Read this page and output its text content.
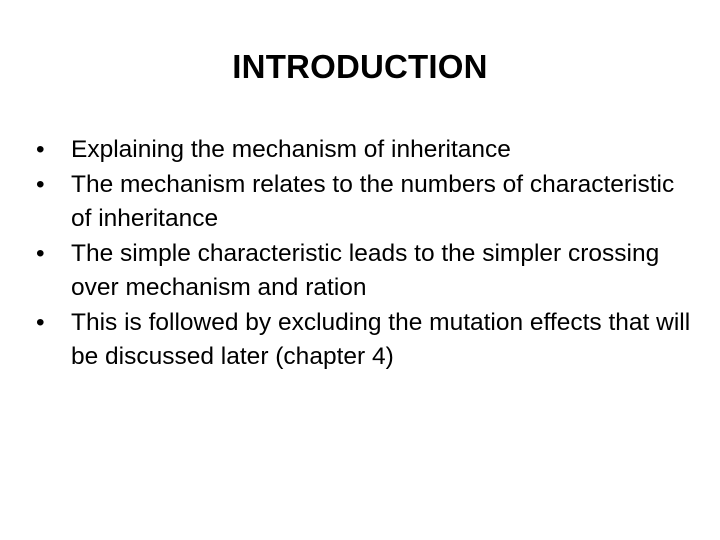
INTRODUCTION
•	Explaining the mechanism of inheritance
•	The mechanism relates to the numbers of characteristic of inheritance
•	The simple characteristic leads to the simpler crossing over mechanism and ration
•	This is followed by excluding the mutation effects that will be discussed later (chapter 4)
